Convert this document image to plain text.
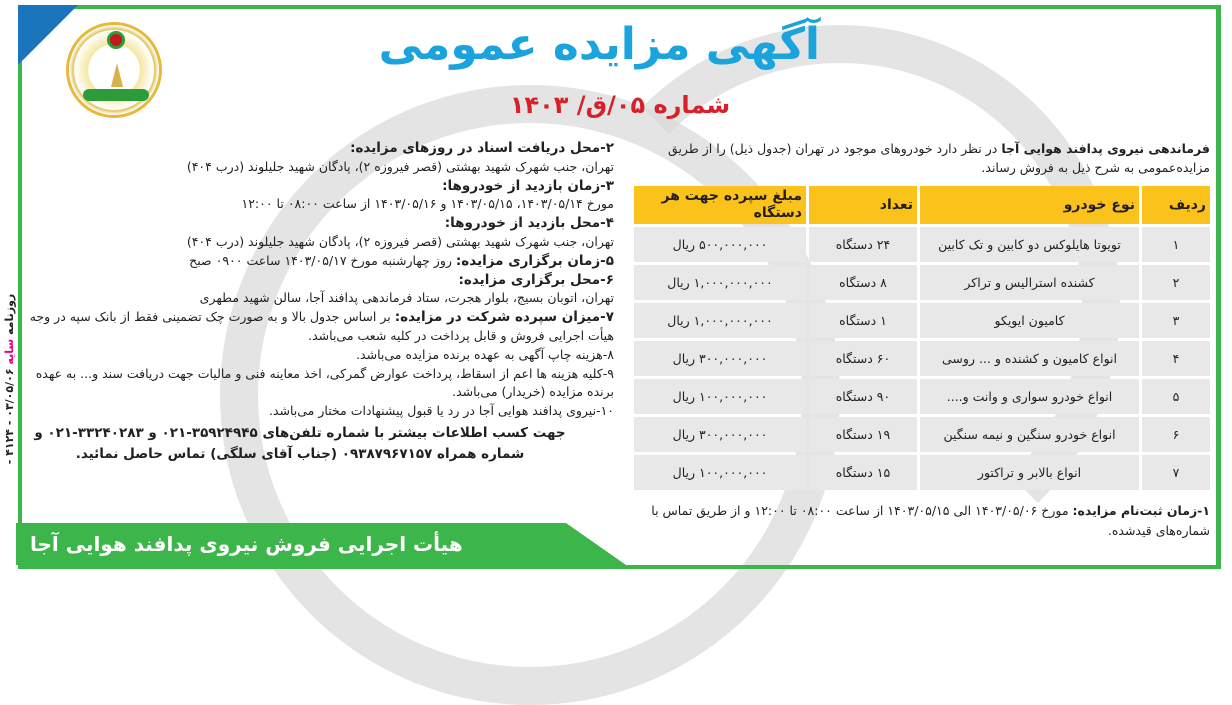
آگهی مزایده عمومی
شماره ۰۵/ق/ ۱۴۰۳
فرماندهی نیروی پدافند هوایی آجا در نظر دارد خودروهای موجود در تهران (جدول ذیل) را از طریق مزایده‌عمومی به شرح ذیل به فروش رساند.
ردیف	نوع خودرو	تعداد	مبلغ سپرده جهت هر دستگاه
۱	تویوتا هایلوکس دو کابین و تک کابین	۲۴ دستگاه	۵۰۰,۰۰۰,۰۰۰ ریال
۲	کشنده استرالیس و تراکر	۸ دستگاه	۱,۰۰۰,۰۰۰,۰۰۰ ریال
۳	کامیون ایویکو	۱ دستگاه	۱,۰۰۰,۰۰۰,۰۰۰ ریال
۴	انواع کامیون و کشنده و ... روسی	۶۰ دستگاه	۳۰۰,۰۰۰,۰۰۰ ریال
۵	انواع خودرو سواری و وانت و....	۹۰ دستگاه	۱۰۰,۰۰۰,۰۰۰ ریال
۶	انواع خودرو سنگین و نیمه سنگین	۱۹ دستگاه	۳۰۰,۰۰۰,۰۰۰ ریال
۷	انواع بالابر و تراکتور	۱۵ دستگاه	۱۰۰,۰۰۰,۰۰۰ ریال
۱-زمان ثبت‌نام مزایده: مورخ ۱۴۰۳/۰۵/۰۶ الی ۱۴۰۳/۰۵/۱۵ از ساعت ۰۸:۰۰ تا ۱۲:۰۰ و از طریق تماس با شماره‌های قیدشده.
۲-محل دریافت اسناد در روزهای مزایده:
تهران، جنب شهرک شهید بهشتی (قصر فیروزه ۲)، پادگان شهید جلیلوند (درب ۴۰۴)
۳-زمان بازدید از خودروها:
مورخ ۱۴۰۳/۰۵/۱۴، ۱۴۰۳/۰۵/۱۵ و ۱۴۰۳/۰۵/۱۶ از ساعت ۰۸:۰۰ تا ۱۲:۰۰
۴-محل بازدید از خودروها:
تهران، جنب شهرک شهید بهشتی (قصر فیروزه ۲)، پادگان شهید جلیلوند (درب ۴۰۴)
۵-زمان برگزاری مزایده: روز چهارشنبه مورخ ۱۴۰۳/۰۵/۱۷ ساعت ۰۹۰۰ صبح
۶-محل برگزاری مزایده:
تهران، اتوبان بسیج، بلوار هجرت، ستاد فرماندهی پدافند آجا، سالن شهید مطهری
۷-میزان سپرده شرکت در مزایده: بر اساس جدول بالا و به صورت چک تضمینی فقط از بانک سپه در وجه هیأت اجرایی فروش و قابل پرداخت در کلیه شعب می‌باشد.
۸-هزینه چاپ آگهی به عهده برنده مزایده می‌باشد.
۹-کلیه هزینه ها اعم از اسقاط، پرداخت عوارض گمرکی، اخذ معاینه فنی و مالیات جهت دریافت سند و... به عهده برنده مزایده (خریدار) می‌باشد.
۱۰-نیروی پدافند هوایی آجا در رد یا قبول پیشنهادات مختار می‌باشد.
جهت کسب اطلاعات بیشتر با شماره تلفن‌های ۳۵۹۲۴۹۴۵-۰۲۱ و ۳۳۲۴۰۲۸۳-۰۲۱ و شماره همراه ۰۹۳۸۷۹۶۷۱۵۷ (جناب آقای سلگی) تماس حاصل نمائید.
هیأت اجرایی فروش نیروی پدافند هوایی آجا
روزنامه سایه ۰۳/۰۵/۰۶ - ۴۱۲۴ -
